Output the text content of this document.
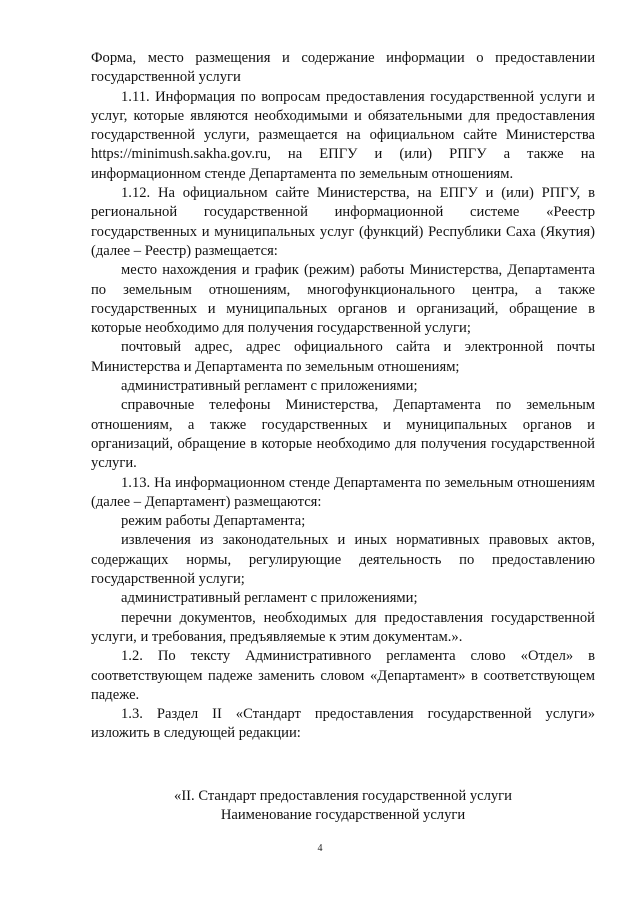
Форма, место размещения и содержание информации о предоставлении государственной услуги

1.11. Информация по вопросам предоставления государственной услуги и услуг, которые являются необходимыми и обязательными для предоставления государственной услуги, размещается на официальном сайте Министерства https://minimush.sakha.gov.ru, на ЕПГУ и (или) РПГУ а также на информационном стенде Департамента по земельным отношениям.

1.12. На официальном сайте Министерства, на ЕПГУ и (или) РПГУ, в региональной государственной информационной системе «Реестр государственных и муниципальных услуг (функций) Республики Саха (Якутия) (далее – Реестр) размещается:

место нахождения и график (режим) работы Министерства, Департамента по земельным отношениям, многофункционального центра, а также государственных и муниципальных органов и организаций, обращение в которые необходимо для получения государственной услуги;

почтовый адрес, адрес официального сайта и электронной почты Министерства и Департамента по земельным отношениям;

административный регламент с приложениями;

справочные телефоны Министерства, Департамента по земельным отношениям, а также государственных и муниципальных органов и организаций, обращение в которые необходимо для получения государственной услуги.

1.13. На информационном стенде Департамента по земельным отношениям (далее – Департамент) размещаются:

режим работы Департамента;

извлечения из законодательных и иных нормативных правовых актов, содержащих нормы, регулирующие деятельность по предоставлению государственной услуги;

административный регламент с приложениями;

перечни документов, необходимых для предоставления государственной услуги, и требования, предъявляемые к этим документам.».

1.2. По тексту Административного регламента слово «Отдел» в соответствующем падеже заменить словом «Департамент» в соответствующем падеже.

1.3. Раздел II «Стандарт предоставления государственной услуги» изложить в следующей редакции:

«II. Стандарт предоставления государственной услуги
Наименование государственной услуги
4
